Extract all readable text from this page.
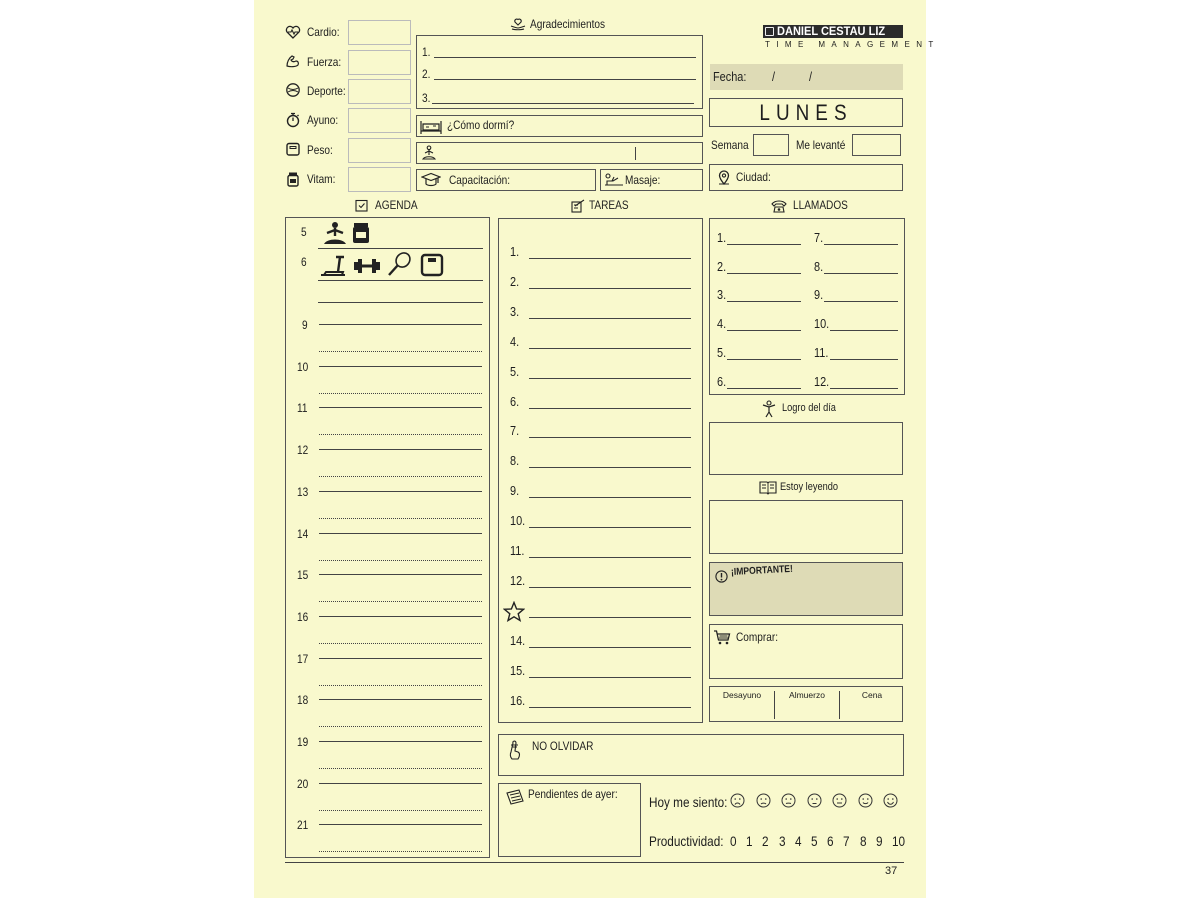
Cardio:
Fuerza:
Deporte:
Ayuno:
Peso:
Vitam:
Agradecimientos
1.
2.
3.
¿Cómo dormí?
Capacitación:	Masaje:
DANIEL CESTAU LIZ
TIME MANAGEMENT
Fecha: /	/
LUNES
Semana	Me levanté
Ciudad:
AGENDA	TAREAS	LLAMADOS
5
6
9
10
11
12
13
14
15
16
17
18
19
20
21
1.
2.
3.
4.
5.
6.
7.
8.
9.
10.
11.
12.
14.
15.
16.
1.	7.
2.	8.
3.	9.
4.	10.
5.	11.
6.	12.
Logro del día
Estoy leyendo
¡IMPORTANTE!
Comprar:
Desayuno	Almuerzo	Cena
NO OLVIDAR
Pendientes de ayer: Hoy me siento:
Productividad: 0 1 2 3 4 5 6 7 8 9 10
37
